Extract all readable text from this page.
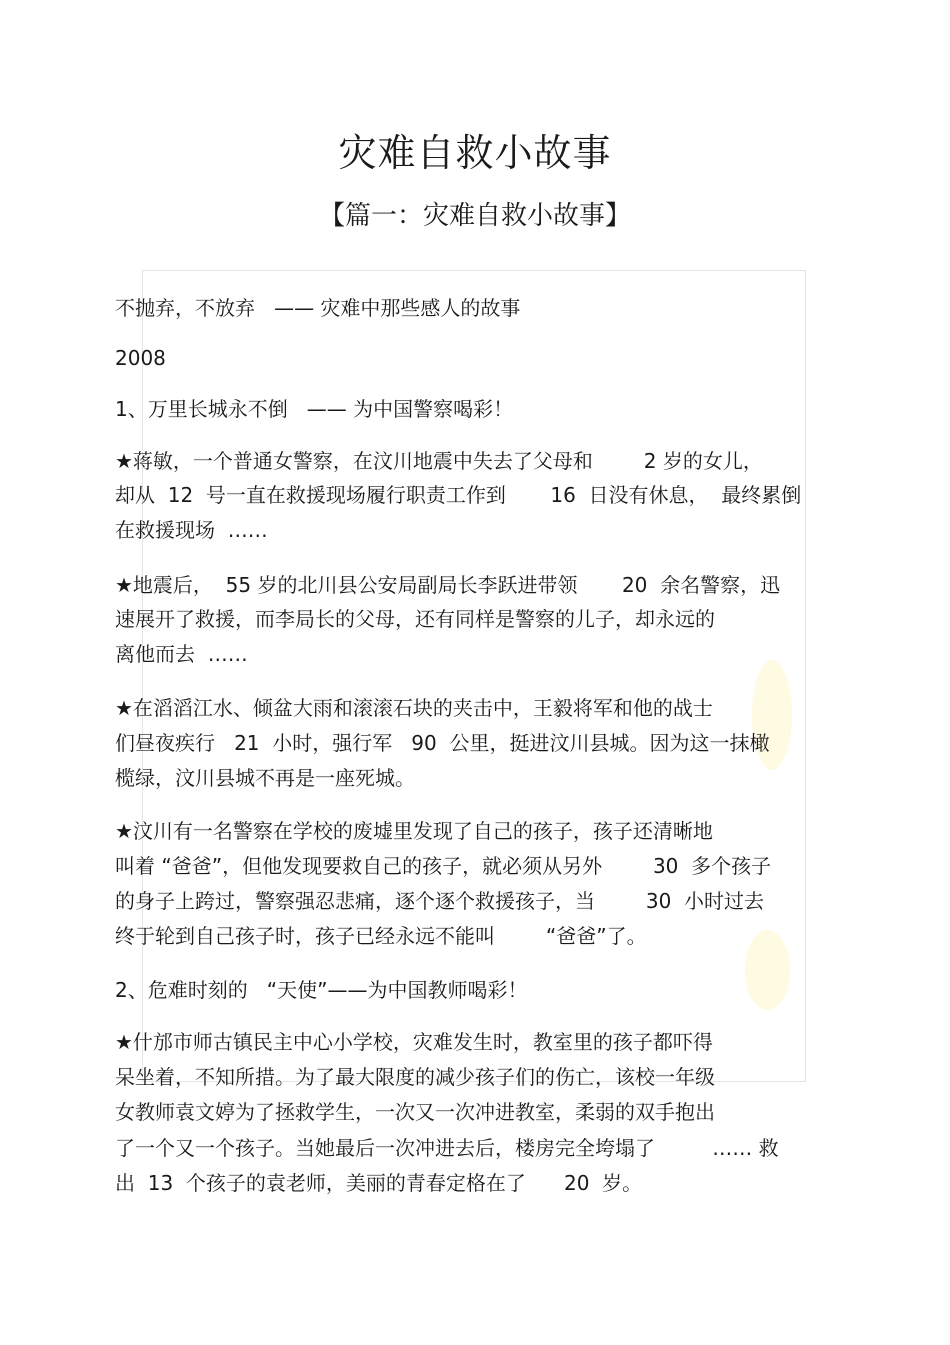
灾难自救小故事
【篇一：灾难自救小故事】
不抛弃，不放弃   —— 灾难中那些感人的故事
2008
1、万里长城永不倒   —— 为中国警察喝彩！
★蒋敏，一个普通女警察，在汶川地震中失去了父母和        2 岁的女儿，
却从  12  号一直在救援现场履行职责工作到       16  日没有休息，  最终累倒
在救援现场  ……
★地震后，  55 岁的北川县公安局副局长李跃进带领       20  余名警察，迅
速展开了救援，而李局长的父母，还有同样是警察的儿子，却永远的
离他而去  ……
★在滔滔江水、倾盆大雨和滚滚石块的夹击中，王毅将军和他的战士
们昼夜疾行   21  小时，强行军   90  公里，挺进汶川县城。因为这一抹橄
榄绿，汶川县城不再是一座死城。
★汶川有一名警察在学校的废墟里发现了自己的孩子，孩子还清晰地
叫着 “爸爸”，但他发现要救自己的孩子，就必须从另外        30  多个孩子
的身子上跨过，警察强忍悲痛，逐个逐个救援孩子，当        30  小时过去
终于轮到自己孩子时，孩子已经永远不能叫        “爸爸”了。
2、危难时刻的   “天使”——为中国教师喝彩！
★什邡市师古镇民主中心小学校，灾难发生时，教室里的孩子都吓得
呆坐着，不知所措。为了最大限度的减少孩子们的伤亡，该校一年级
女教师袁文婷为了拯救学生，一次又一次冲进教室，柔弱的双手抱出
了一个又一个孩子。当她最后一次冲进去后，楼房完全垮塌了         …… 救
出  13  个孩子的袁老师，美丽的青春定格在了      20  岁。
